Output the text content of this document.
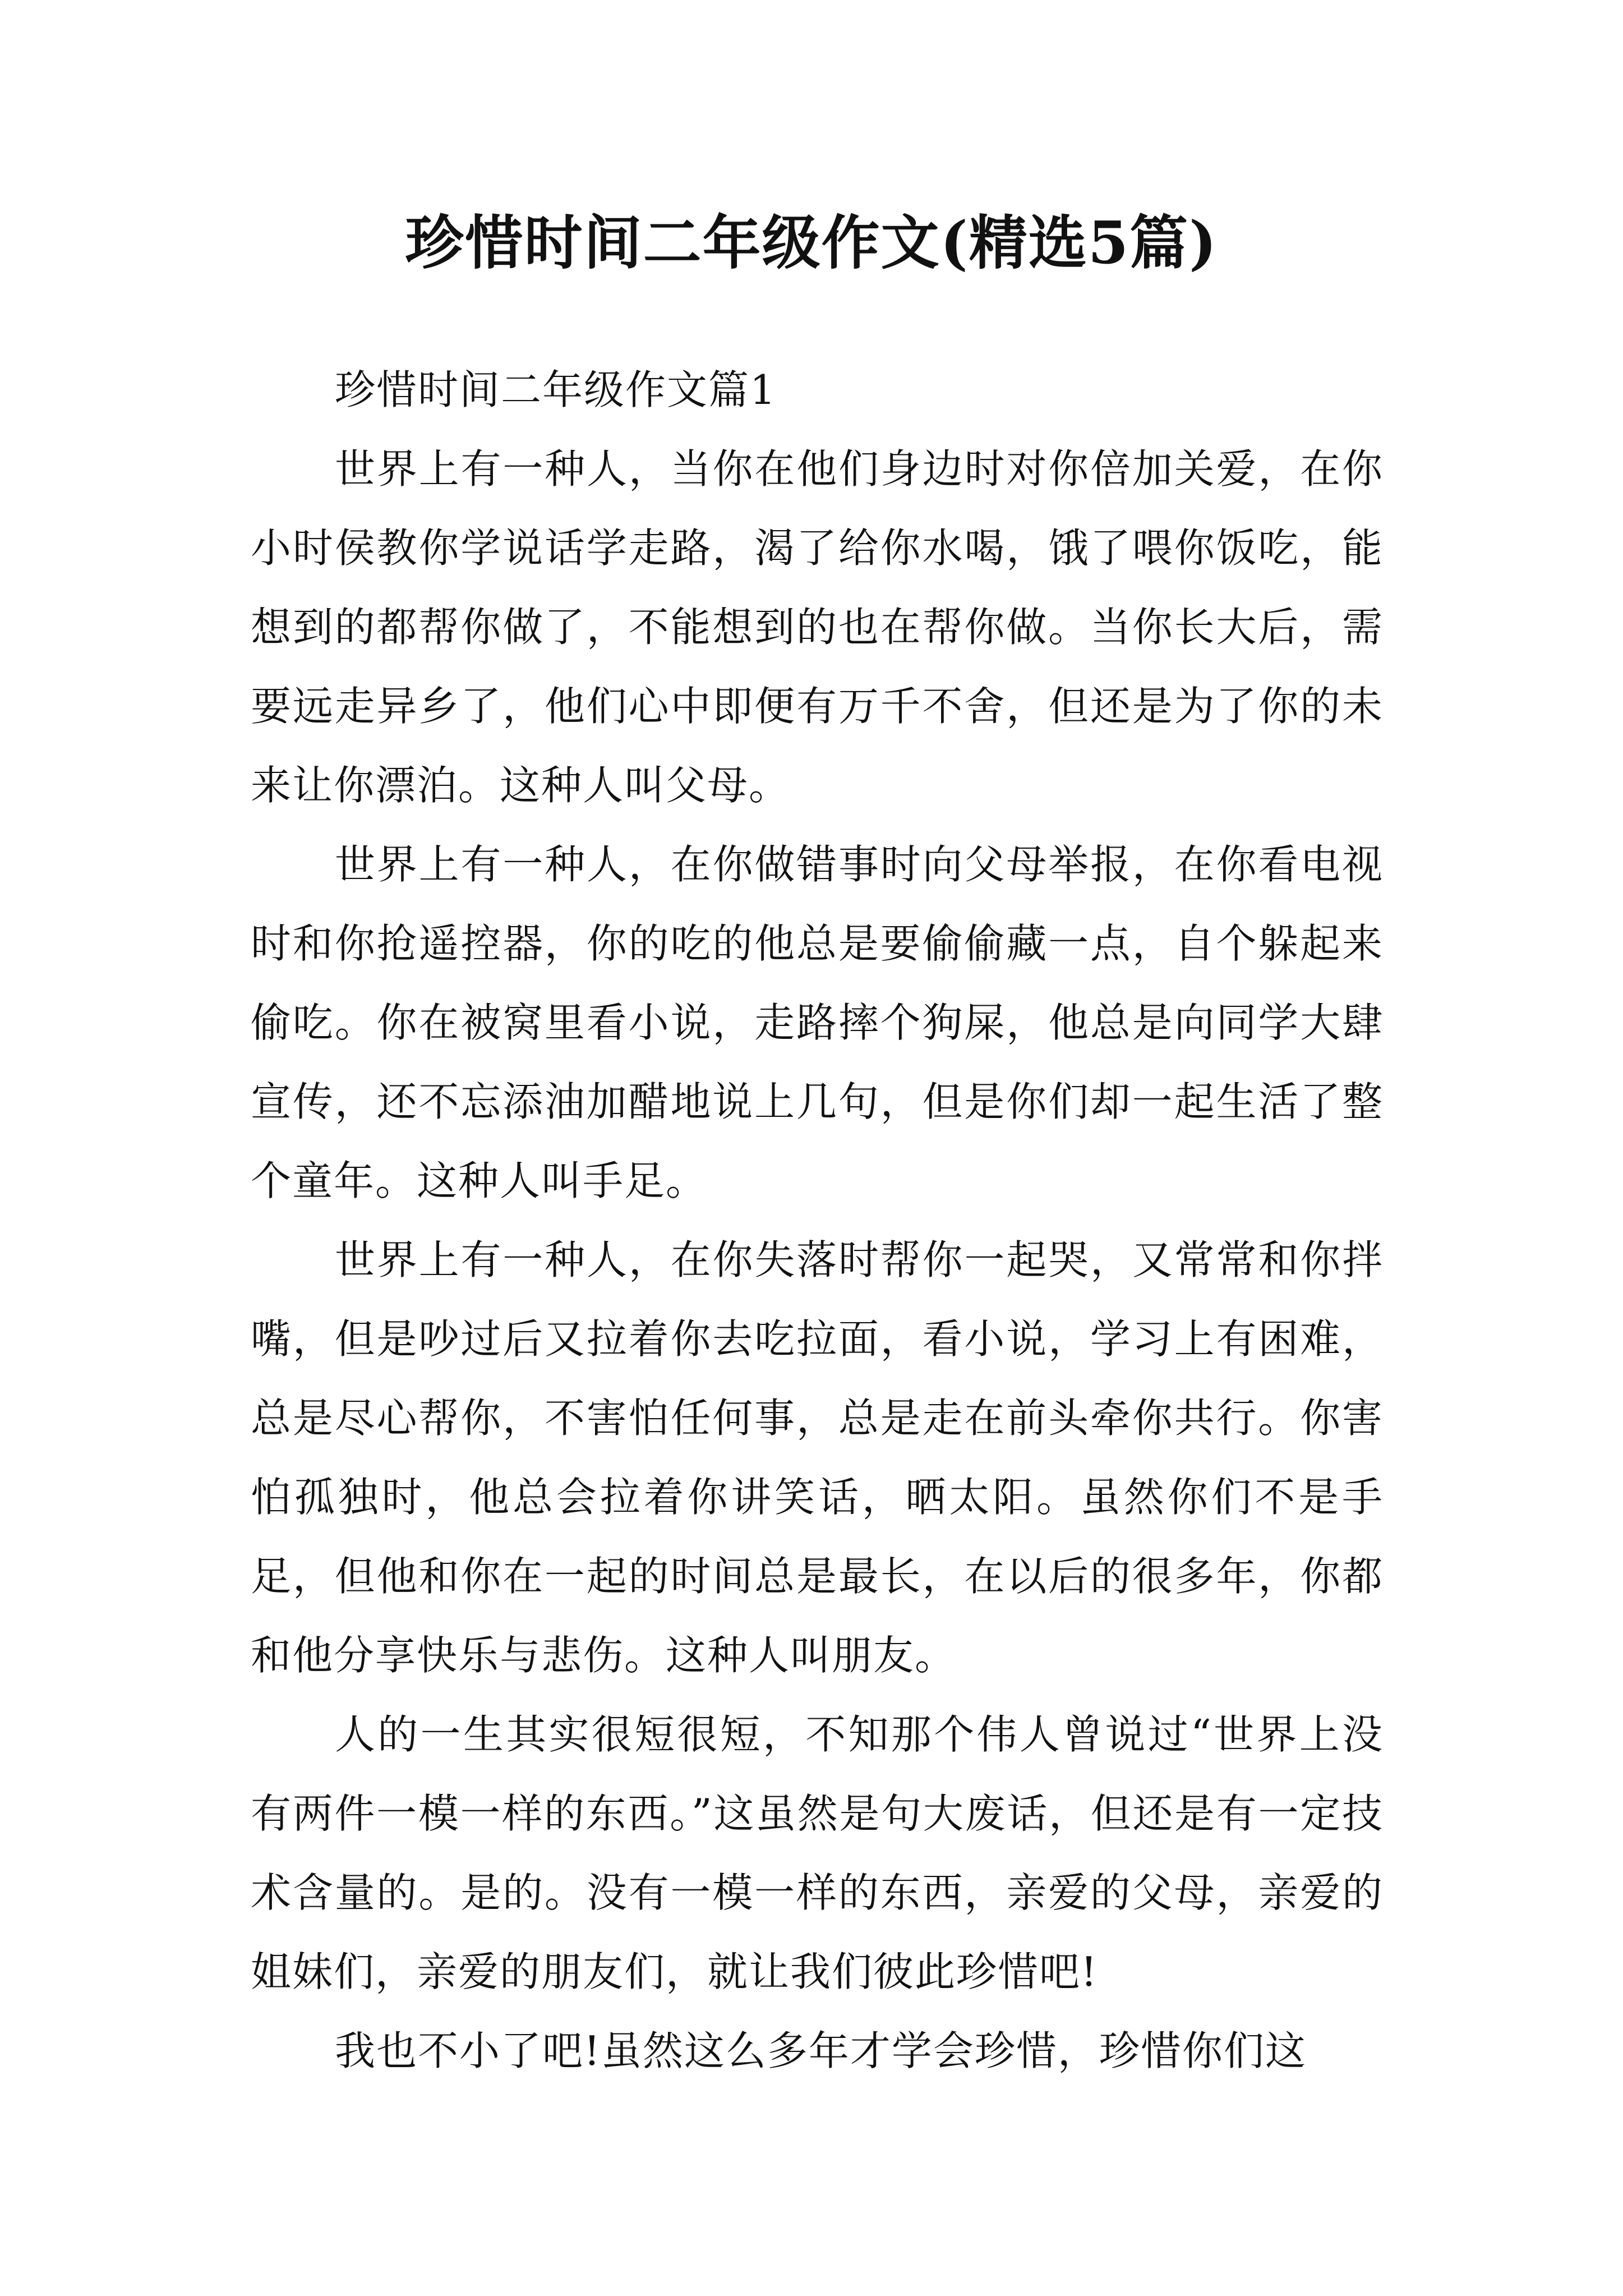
珍惜时间二年级作文(精选5篇)
珍惜时间二年级作文篇1

世界上有一种人，当你在他们身边时对你倍加关爱，在你小时侯教你学说话学走路，渴了给你水喝，饿了喂你饭吃，能想到的都帮你做了，不能想到的也在帮你做。当你长大后，需要远走异乡了，他们心中即便有万千不舍，但还是为了你的未来让你漂泊。这种人叫父母。

世界上有一种人，在你做错事时向父母举报，在你看电视时和你抢遥控器，你的吃的他总是要偷偷藏一点，自个躲起来偷吃。你在被窝里看小说，走路摔个狗屎，他总是向同学大肆宣传，还不忘添油加醋地说上几句，但是你们却一起生活了整个童年。这种人叫手足。

世界上有一种人，在你失落时帮你一起哭，又常常和你拌嘴，但是吵过后又拉着你去吃拉面，看小说，学习上有困难，总是尽心帮你，不害怕任何事，总是走在前头牵你共行。你害怕孤独时，他总会拉着你讲笑话，晒太阳。虽然你们不是手足，但他和你在一起的时间总是最长，在以后的很多年，你都和他分享快乐与悲伤。这种人叫朋友。

人的一生其实很短很短，不知那个伟人曾说过“世界上没有两件一模一样的东西。”这虽然是句大废话，但还是有一定技术含量的。是的。没有一模一样的东西，亲爱的父母，亲爱的姐妹们，亲爱的朋友们，就让我们彼此珍惜吧!

我也不小了吧!虽然这么多年才学会珍惜，珍惜你们这
